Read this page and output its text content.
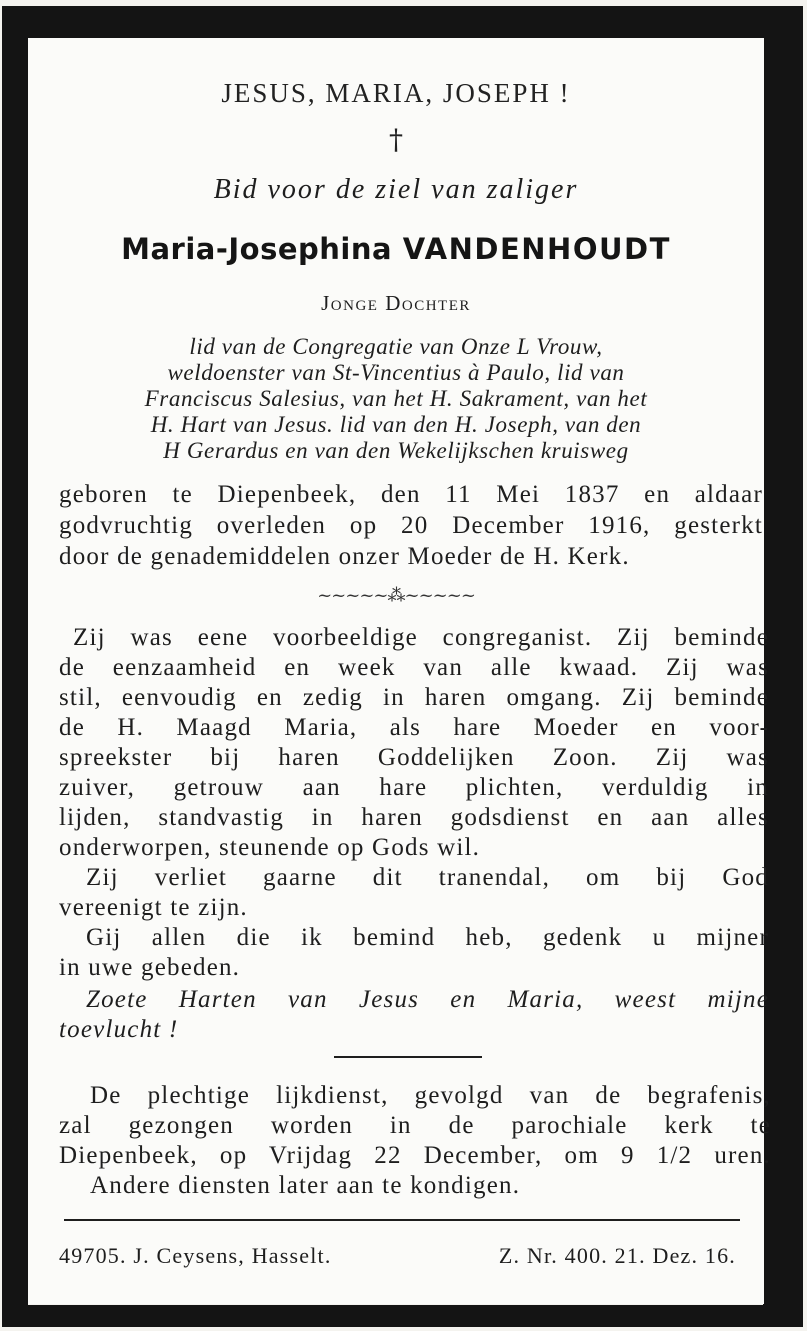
JESUS, MARIA, JOSEPH !
†
Bid voor de ziel van zaliger
Maria-Josephina VANDENHOUDT
Jonge Dochter
lid van de Congregatie van Onze L Vrouw,
weldoenster van St-Vincentius à Paulo, lid van
Franciscus Salesius, van het H. Sakrament, van het
H. Hart van Jesus. lid van den H. Joseph, van den
H Gerardus en van den Wekelijkschen kruisweg
geboren te Diepenbeek, den 11 Mei 1837 en aldaar
godvruchtig overleden op 20 December 1916, gesterkt
door de genademiddelen onzer Moeder de H. Kerk.
~~~~~⁂~~~~~
Zij was eene voorbeeldige congreganist. Zij beminde
de eenzaamheid en week van alle kwaad. Zij was
stil, eenvoudig en zedig in haren omgang. Zij beminde
de H. Maagd Maria, als hare Moeder en voor-
spreekster bij haren Goddelijken Zoon. Zij was
zuiver, getrouw aan hare plichten, verduldig in
lijden, standvastig in haren godsdienst en aan alles
onderworpen, steunende op Gods wil.
Zij verliet gaarne dit tranendal, om bij God
vereenigt te zijn.
Gij allen die ik bemind heb, gedenk u mijner
in uwe gebeden.
Zoete Harten van Jesus en Maria, weest mijne
toevlucht !
De plechtige lijkdienst, gevolgd van de begrafenis,
zal gezongen worden in de parochiale kerk te
Diepenbeek, op Vrijdag 22 December, om 9 1/2 uren.
Andere diensten later aan te kondigen.
49705. J. Ceysens, Hasselt.	Z. Nr. 400. 21. Dez. 16.
